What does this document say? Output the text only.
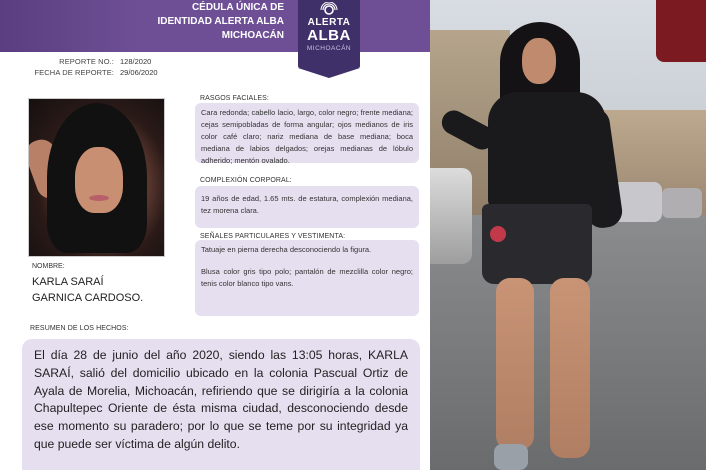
CÉDULA ÚNICA DE
IDENTIDAD ALERTA ALBA
MICHOACÁN
ALERTA
ALBA
MICHOACÁN
REPORTE NO.: 128/2020
FECHA DE REPORTE: 29/06/2020
NOMBRE:
KARLA SARAÍ
GARNICA CARDOSO.
RASGOS FACIALES:
Cara redonda; cabello lacio, largo, color negro; frente mediana; cejas semipobladas de forma angular; ojos medianos de iris color café claro; nariz mediana de base mediana; boca mediana de labios delgados; orejas medianas de lóbulo adherido; mentón ovalado.
COMPLEXIÓN CORPORAL:
19 años de edad, 1.65 mts. de estatura, complexión mediana, tez morena clara.
SEÑALES PARTICULARES Y VESTIMENTA:
Tatuaje en pierna derecha desconociendo la figura.
Blusa color gris tipo polo; pantalón de mezclilla color negro; tenis color blanco tipo vans.
RESUMEN DE LOS HECHOS:
El día 28 de junio del año 2020, siendo las 13:05 horas, KARLA SARAÍ, salió del domicilio ubicado en la colonia Pascual Ortiz de Ayala de Morelia, Michoacán, refiriendo que se dirigiría a la colonia Chapultepec Oriente de ésta misma ciudad, desconociendo desde ese momento su paradero; por lo que se teme por su integridad ya que puede ser víctima de algún delito.
